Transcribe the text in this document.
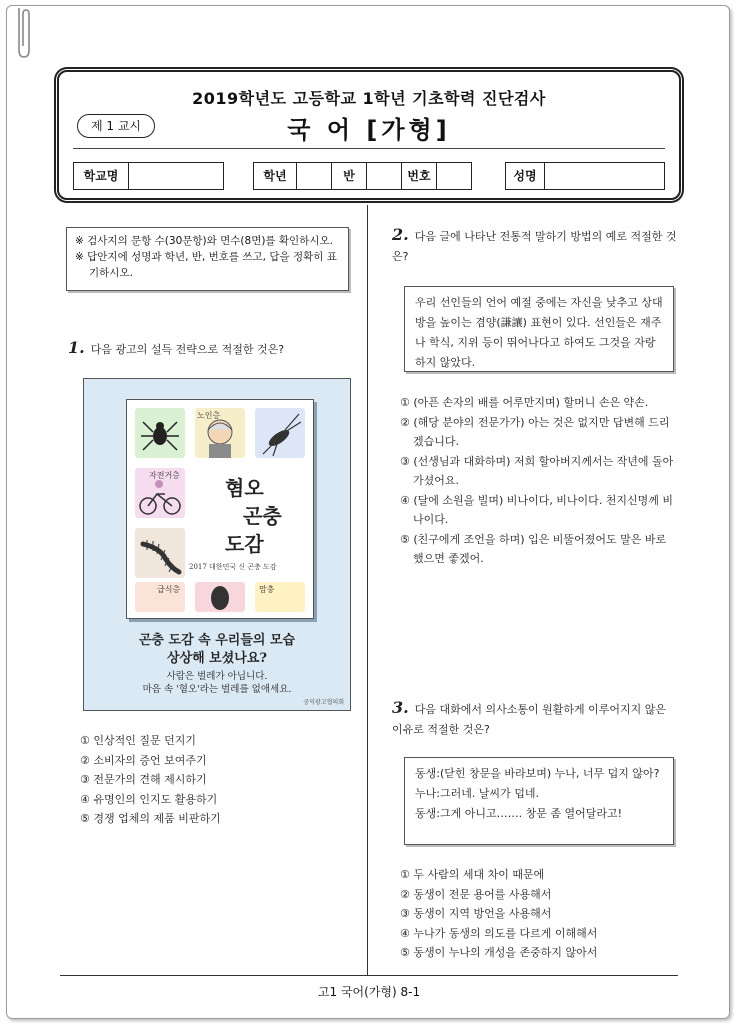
2019학년도 고등학교 1학년 기초학력 진단검사
제 1 교시	국 어 [가형]
학교명	학년	반	번호	성명
※ 검사지의 문항 수(30문항)와 면수(8면)를 확인하시오.
※ 답안지에 성명과 학년, 반, 번호를 쓰고, 답을 정확히 표기하시오.
1. 다음 광고의 설득 전략으로 적절한 것은?
노인층
자전거층
급식층	맘충
혐오
곤충
도감
2017 대한민국 신 곤충 도감
곤충 도감 속 우리들의 모습
상상해 보셨나요?
사람은 벌레가 아닙니다.
마음 속 '혐오'라는 벌레를 없애세요.
공익광고협의회
① 인상적인 질문 던지기
② 소비자의 증언 보여주기
③ 전문가의 견해 제시하기
④ 유명인의 인지도 활용하기
⑤ 경쟁 업체의 제품 비판하기
2. 다음 글에 나타난 전통적 말하기 방법의 예로 적절한 것은?
우리 선인들의 언어 예절 중에는 자신을 낮추고 상대방을 높이는 겸양(謙讓) 표현이 있다. 선인들은 재주나 학식, 지위 등이 뛰어나다고 하여도 그것을 자랑하지 않았다.
① (아픈 손자의 배를 어루만지며) 할머니 손은 약손.
② (해당 분야의 전문가가) 아는 것은 없지만 답변해 드리겠습니다.
③ (선생님과 대화하며) 저희 할아버지께서는 작년에 돌아가셨어요.
④ (달에 소원을 빌며) 비나이다, 비나이다. 천지신명께 비나이다.
⑤ (친구에게 조언을 하며) 입은 비뚤어졌어도 말은 바로 했으면 좋겠어.
3. 다음 대화에서 의사소통이 원활하게 이루어지지 않은 이유로 적절한 것은?
동생:(닫힌 창문을 바라보며) 누나, 너무 덥지 않아?
누나:그러네. 날씨가 덥네.
동생:그게 아니고……. 창문 좀 열어달라고!
① 두 사람의 세대 차이 때문에
② 동생이 전문 용어를 사용해서
③ 동생이 지역 방언을 사용해서
④ 누나가 동생의 의도를 다르게 이해해서
⑤ 동생이 누나의 개성을 존중하지 않아서
고1 국어(가형) 8-1
